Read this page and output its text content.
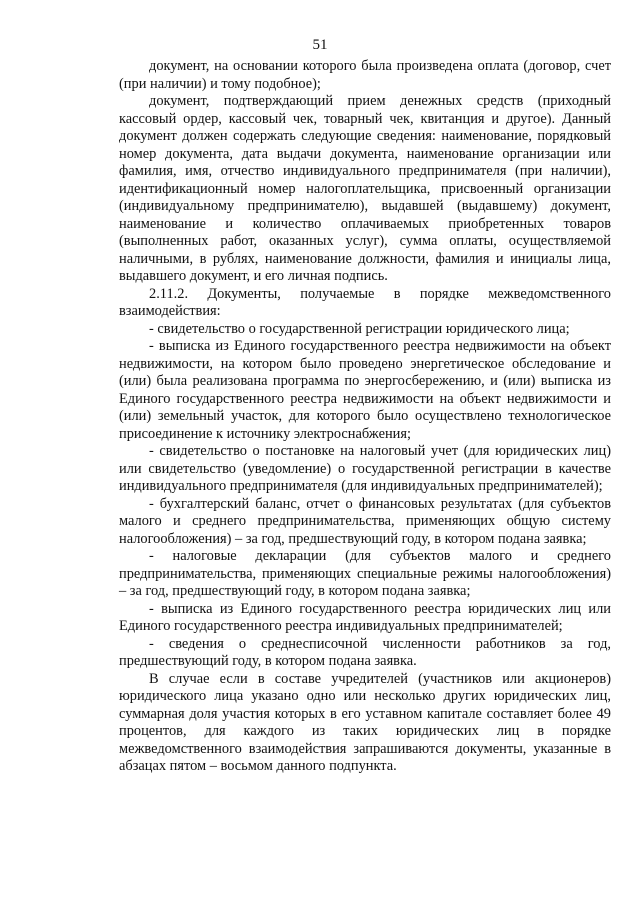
51

документ, на основании которого была произведена оплата (договор, счет (при наличии) и тому подобное);

документ, подтверждающий прием денежных средств (приходный кассовый ордер, кассовый чек, товарный чек, квитанция и другое). Данный документ должен содержать следующие сведения: наименование, порядковый номер документа, дата выдачи документа, наименование организации или фамилия, имя, отчество индивидуального предпринимателя (при наличии), идентификационный номер налогоплательщика, присвоенный организации (индивидуальному предпринимателю), выдавшей (выдавшему) документ, наименование и количество оплачиваемых приобретенных товаров (выполненных работ, оказанных услуг), сумма оплаты, осуществляемой наличными, в рублях, наименование должности, фамилия и инициалы лица, выдавшего документ, и его личная подпись.

2.11.2. Документы, получаемые в порядке межведомственного взаимодействия:

- свидетельство о государственной регистрации юридического лица;

- выписка из Единого государственного реестра недвижимости на объект недвижимости, на котором было проведено энергетическое обследование и (или) была реализована программа по энергосбережению, и (или) выписка из Единого государственного реестра недвижимости на объект недвижимости и (или) земельный участок, для которого было осуществлено технологическое присоединение к источнику электроснабжения;

- свидетельство о постановке на налоговый учет (для юридических лиц) или свидетельство (уведомление) о государственной регистрации в качестве индивидуального предпринимателя (для индивидуальных предпринимателей);

- бухгалтерский баланс, отчет о финансовых результатах (для субъектов малого и среднего предпринимательства, применяющих общую систему налогообложения) – за год, предшествующий году, в котором подана заявка;

- налоговые декларации (для субъектов малого и среднего предпринимательства, применяющих специальные режимы налогообложения) – за год, предшествующий году, в котором подана заявка;

- выписка из Единого государственного реестра юридических лиц или Единого государственного реестра индивидуальных предпринимателей;

- сведения о среднесписочной численности работников за год, предшествующий году, в котором подана заявка.

В случае если в составе учредителей (участников или акционеров) юридического лица указано одно или несколько других юридических лиц, суммарная доля участия которых в его уставном капитале составляет более 49 процентов, для каждого из таких юридических лиц в порядке межведомственного взаимодействия запрашиваются документы, указанные в абзацах пятом – восьмом данного подпункта.
